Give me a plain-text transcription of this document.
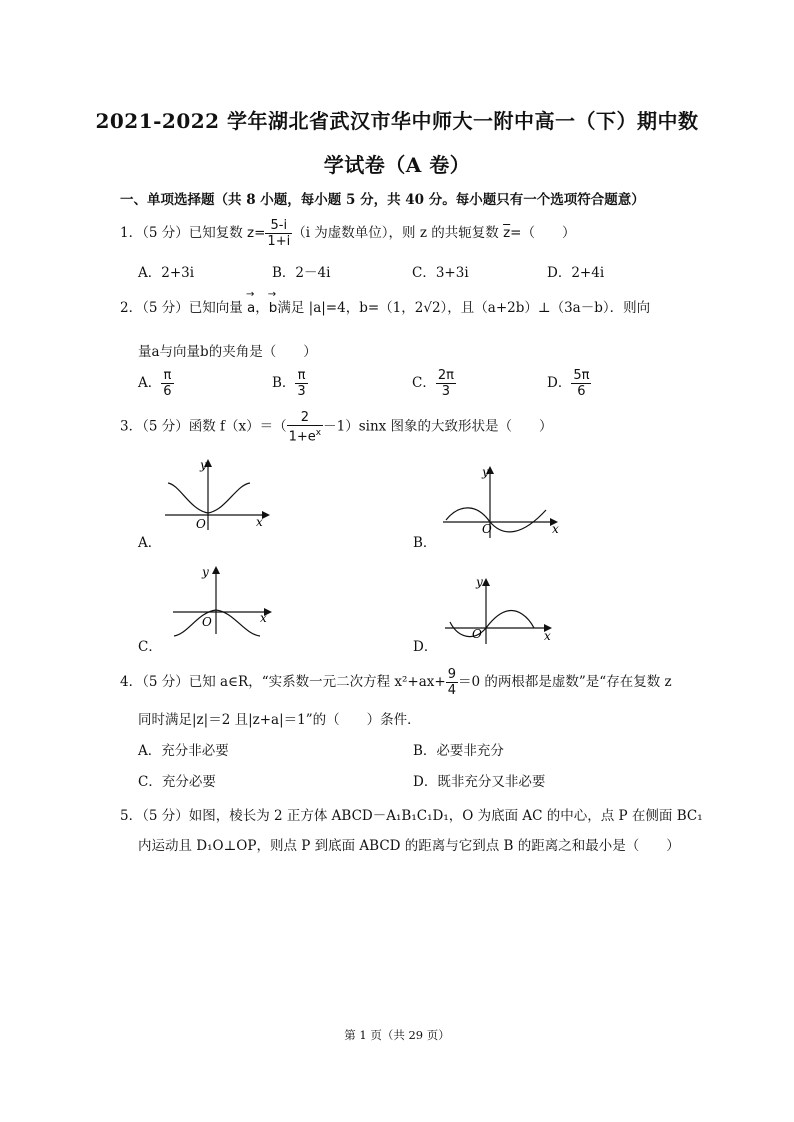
2021-2022 学年湖北省武汉市华中师大一附中高一（下）期中数
学试卷（A 卷）
一、单项选择题（共 8 小题，每小题 5 分，共 40 分。每小题只有一个选项符合题意）
1．（5 分）已知复数 $z= \frac{5-i}{1+i} (i$ 为虚数单位），则 z 的共轭复数 $\overline{z}=$（　　）
A．2+3i	B．2－4i	C．3+3i	D．2+4i
2．（5 分）已知向量 → a，→ b满足 |a|=4，b=（1，2√2），且（a+2b）⊥（3a－b）．则向
量a与向量b的夹角是（　　）
A． $\frac{\pi}{6}$	B． $\frac{\pi}{3}$	C． $\frac{2\pi}{3}$	D． $\frac{5\pi}{6}$
3．（5 分）函数 $f(x)=( \frac{2}{1+e^x} -1)\sin x$ 图象的大致形状是（　　）
y
x
O
A．
y
x
O
B．
y
x
O
C．
y
x
O
D．
4．（5 分）已知 a∈R，“实系数一元二次方程 $x^2+ax+ \frac{9}{4} =0$ 的两根都是虚数”是“存在复数 z
同时满足|z|＝2 且|z+a|＝1”的（　　）条件．
A．充分非必要	B．必要非充分
C．充分必要	D．既非充分又非必要
5．（5 分）如图，棱长为 2 正方体 ABCD－A₁B₁C₁D₁，O 为底面 AC 的中心，点 P 在侧面 BC₁
内运动且 D₁O⊥OP，则点 P 到底面 ABCD 的距离与它到点 B 的距离之和最小是（　　）
第 1 页（共 29 页）
